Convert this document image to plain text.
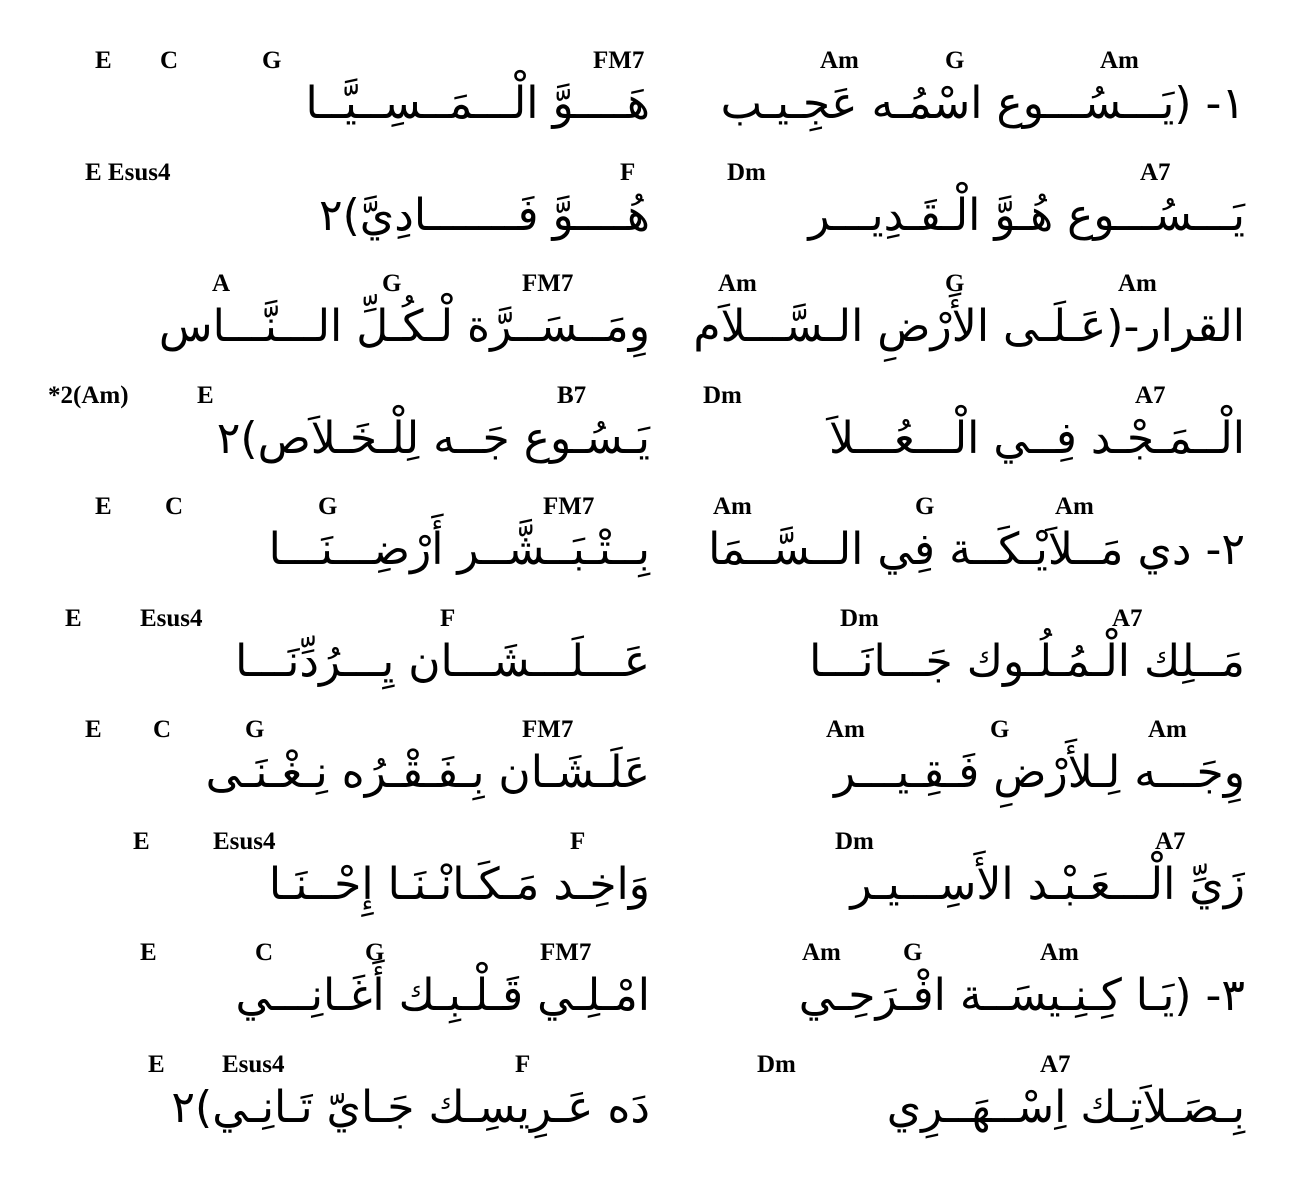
E C	G	FM7	Am	G	Am
هَــــوَّ الْـــمَــسِــيَّــا	١- (يَـــسُـــوع اسْمُـه عَجِـيـب
E Esus4	F	Dm	A7
هُــــوَّ فَـــــــادِيَّ)٢	يَـــسُـــوع هُـوَّ الْـقَـدِيـــر
A	G	FM7	Am	G	Am
وِمَــسَــرَّة لْـكُـلِّ الـــنَّـــاس القرار-(عَـلَـى الأَرْضِ الـسَّـــلاَم
*2(Am)	E	B7	Dm	A7
يَـسُـوع جَــه لِلْـخَـلاَص)٢	الْــمَـجْـد فِــي الْـــعُـــلاَ
E C	G	FM7	Am	G	Am
بِــتْـبَــشَّــر أَرْضِـــنَـــا	٢- دي مَــلاَيْـكَــة فِي الــسَّــمَا
E Esus4	F	Dm	A7
عَـــلَـــشَـــان يِـــرُدِّنَـــا	مَــلِك الْـمُـلُـوك جَـــانَـــا
E C	G	FM7	Am	G	Am
عَلَـشَـان بِـفَـقْـرُه نِـغْـنَـى	وِجَـــه لِـلأَرْضِ فَـقِـيـــر
E	Esus4	F	Dm	A7
وَاخِـد مَـكَـانْـنَـا إِحْــنَـا	زَيِّ الْـــعَـبْـد الأَسِـــيـر
E	C	G	FM7	Am G	Am
امْـلِـي قَـلْـبِـك أَغَـانِـــي	٣- (يَـا كِـنِـيسَــة افْـرَحِـي
E Esus4	F	Dm	A7
دَه عَـرِيسِـك جَـايّ تَـانِـي)٢	بِـصَـلاَتِـك اِسْــهَــرِي
